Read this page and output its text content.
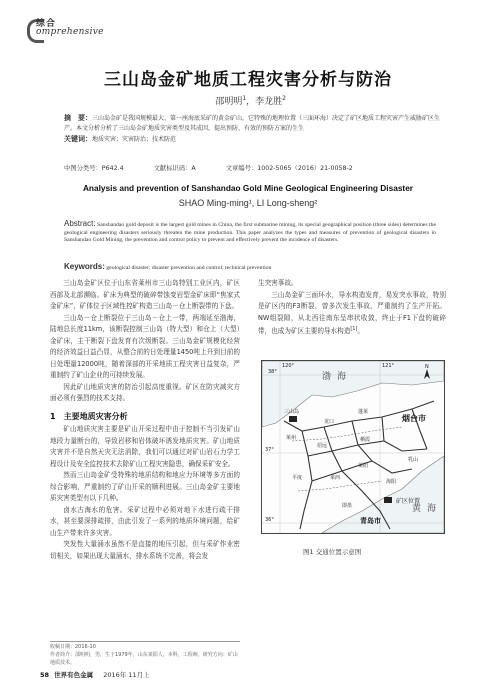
综合
omprehensive
三山岛金矿地质工程灾害分析与防治
邵明明$^1$，李龙胜$^2$
摘　要：三山岛金矿是我国规模最大、第一座海底采矿的黄金矿山，它特殊的地理位置（三面环海）决定了矿区地质工程灾害产生威胁矿区生产。本文分析分析了三山岛金矿地质灾害类型及其成因，提出预防、有效的预防方案的生生
关键词：地质灾害；灾害防治；技术防范
中图分类号：P642.4	文献标识码：A	文章编号：1002-5065（2016）21-0058-2
Analysis and prevention of Sanshandao Gold Mine Geological Engineering Disaster
SHAO Ming-ming¹, LI Long-sheng²
Abstract: Sanshandao gold deposit is the largest gold mines in China, the first submarine mining, its special geographical position (three sides) determines the geological engineering disasters seriously threaten the mine production. This paper analyzes the types and measures of prevention of geological disasters in Sanshandao Gold Mining, the prevention and control policy to prevent and effectively prevent the incidence of disasters.
Keywords: geological disaster; disaster prevention and control; technical prevention

三山岛金矿区位于山东省莱州市三山岛特别工业区内，矿区西部及北部濒临。矿床为典型的破碎带蚀变岩型金矿床即“焦家式金矿床”，矿体位于区域性控矿构造三山岛－仓上断裂带的下盘。

三山岛－仓上断裂位于三山岛－仓上一带，两端延至渤海，陆地总长度11km，该断裂控制三山岛（特大型）和仓上（大型）金矿床，主干断裂下盘发育有次级断裂。三山岛金矿规模化经营的经济效益日益凸显，从整合前的日处理量1450吨上升到目前的日处理量12000吨，随着深部的开采地质工程灾害日益复杂，严重制约了矿山企业的可持续发展。

因此矿山地质灾害的防治引起高度重视。矿区在防灾减灾方面必须有强烈的技术支持。

1　主要地质灾害分析

矿山地质灾害主要是矿山开采过程中由于控制不当引发矿山地段力量断台的，导致岩移和岩体破坏诱发地质灾害。矿山地质灾害并不是自然天灾无法消除，我们可以通过对矿山岩石力学工程设计及安全监控技术去除矿山工程灾害隐患，确保采矿安全。

然而三山岛金矿受特殊的地质结构和地应力环境等多方面的综合影响，严重制约了矿山开采的顺利进展。三山岛金矿主要地质灾害类型有以下几种。

卤水古海水的危害。采矿过程中必须对地下水进行疏干排水，甚至要深排疏排，由此引发了一系列的地质环境问题，给矿山生产带来许多灾害。

突发性大量涌水虽然不是直接的地压引起，但与采矿作业密切相关，如果出现大量涌水，排水系统不完善，将会发

生突害事故。

三山岛金矿三面环水，导水构造发育，易发突水事故，特别是矿区内的F3断裂，曾多次发生事故，严重制约了生产开拓。NW组裂隙，从北西往南东呈串状收敛，终止于F1下盘的破碎带，也成为矿区主要的导水构造[1]。

矿区位置
N
38°
37°
36°
120°	121°
渤 海
黄 海
烟台市
青岛市
三山岛
龙口
蓬莱
招远
莱州
平度	莱西
莱阳
栖霞
海阳
即墨
乳山
图1 交通位置示意图
收稿日期：2016-10
作者简介：邵明明，男，生于1979年，山东莱阳人，本科，工程师，研究方向：矿山地质技术。
58 世界有色金属 2016年 11月上
